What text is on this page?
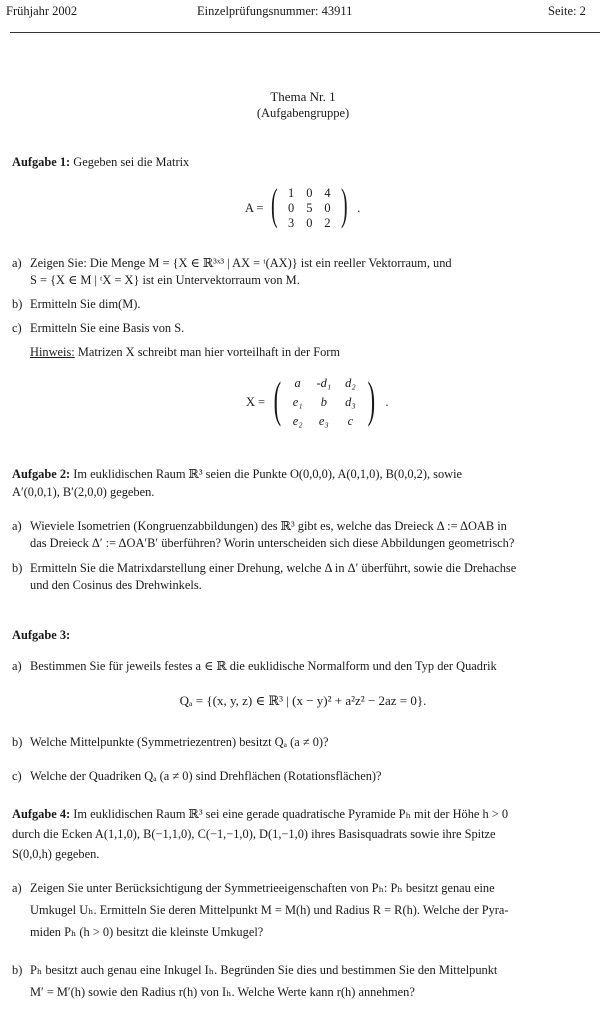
Frühjahr 2002	Einzelprüfungsnummer: 43911	Seite: 2
Thema Nr. 1
(Aufgabengruppe)
Aufgabe 1: Gegeben sei die Matrix
A = ( 1	0	4
0	5	0
3	0	2 ) .
a) Zeigen Sie: Die Menge M = {X ∈ ℝ³ˣ³ | AX = ᵗ(AX)} ist ein reeller Vektorraum, und
S = {X ∈ M | ᵗX = X} ist ein Untervektorraum von M.
b) Ermitteln Sie dim(M).
c) Ermitteln Sie eine Basis von S.
Hinweis: Matrizen X schreibt man hier vorteilhaft in der Form
X = ( a	-d₁	d₂
e₁	b	d₃
e₂	e₃	c ) .
Aufgabe 2: Im euklidischen Raum ℝ³ seien die Punkte O(0,0,0), A(0,1,0), B(0,0,2), sowie
A′(0,0,1), B′(2,0,0) gegeben.
a) Wieviele Isometrien (Kongruenzabbildungen) des ℝ³ gibt es, welche das Dreieck Δ := ΔOAB in
das Dreieck Δ′ := ΔOA′B′ überführen? Worin unterscheiden sich diese Abbildungen geometrisch?
b) Ermitteln Sie die Matrixdarstellung einer Drehung, welche Δ in Δ′ überführt, sowie die Drehachse
und den Cosinus des Drehwinkels.
Aufgabe 3:
a) Bestimmen Sie für jeweils festes a ∈ ℝ die euklidische Normalform und den Typ der Quadrik
Qₐ = {(x, y, z) ∈ ℝ³ | (x − y)² + a²z² − 2az = 0}.
b) Welche Mittelpunkte (Symmetriezentren) besitzt Qₐ (a ≠ 0)?
c) Welche der Quadriken Qₐ (a ≠ 0) sind Drehflächen (Rotationsflächen)?
Aufgabe 4: Im euklidischen Raum ℝ³ sei eine gerade quadratische Pyramide Pₕ mit der Höhe h > 0
durch die Ecken A(1,1,0), B(−1,1,0), C(−1,−1,0), D(1,−1,0) ihres Basisquadrats sowie ihre Spitze
S(0,0,h) gegeben.
a) Zeigen Sie unter Berücksichtigung der Symmetrieeigenschaften von Pₕ: Pₕ besitzt genau eine
Umkugel Uₕ. Ermitteln Sie deren Mittelpunkt M = M(h) und Radius R = R(h). Welche der Pyra-
miden Pₕ (h > 0) besitzt die kleinste Umkugel?
b) Pₕ besitzt auch genau eine Inkugel Iₕ. Begründen Sie dies und bestimmen Sie den Mittelpunkt
M′ = M′(h) sowie den Radius r(h) von Iₕ. Welche Werte kann r(h) annehmen?
